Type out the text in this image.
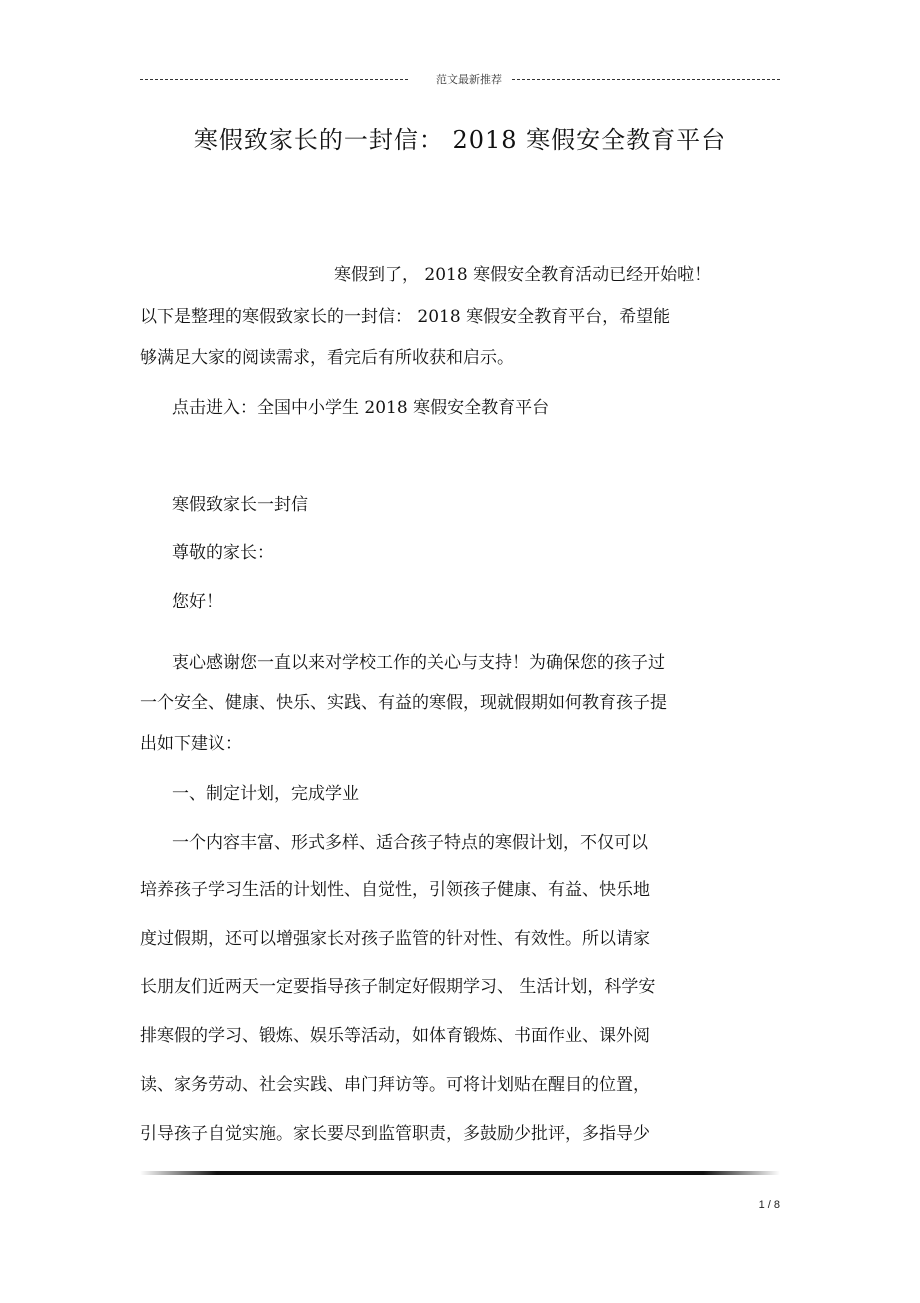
范文最新推荐
寒假致家长的一封信： 2018 寒假安全教育平台
寒假到了， 2018 寒假安全教育活动已经开始啦！
以下是整理的寒假致家长的一封信： 2018 寒假安全教育平台，希望能
够满足大家的阅读需求，看完后有所收获和启示。
点击进入：全国中小学生 2018 寒假安全教育平台
寒假致家长一封信
尊敬的家长：
您好！
衷心感谢您一直以来对学校工作的关心与支持！为确保您的孩子过
一个安全、健康、快乐、实践、有益的寒假，现就假期如何教育孩子提
出如下建议：
一、制定计划，完成学业
一个内容丰富、形式多样、适合孩子特点的寒假计划，不仅可以
培养孩子学习生活的计划性、自觉性，引领孩子健康、有益、快乐地
度过假期，还可以增强家长对孩子监管的针对性、有效性。所以请家
长朋友们近两天一定要指导孩子制定好假期学习、 生活计划，科学安
排寒假的学习、锻炼、娱乐等活动，如体育锻炼、书面作业、课外阅
读、家务劳动、社会实践、串门拜访等。可将计划贴在醒目的位置，
引导孩子自觉实施。家长要尽到监管职责，多鼓励少批评，多指导少
1 / 8
